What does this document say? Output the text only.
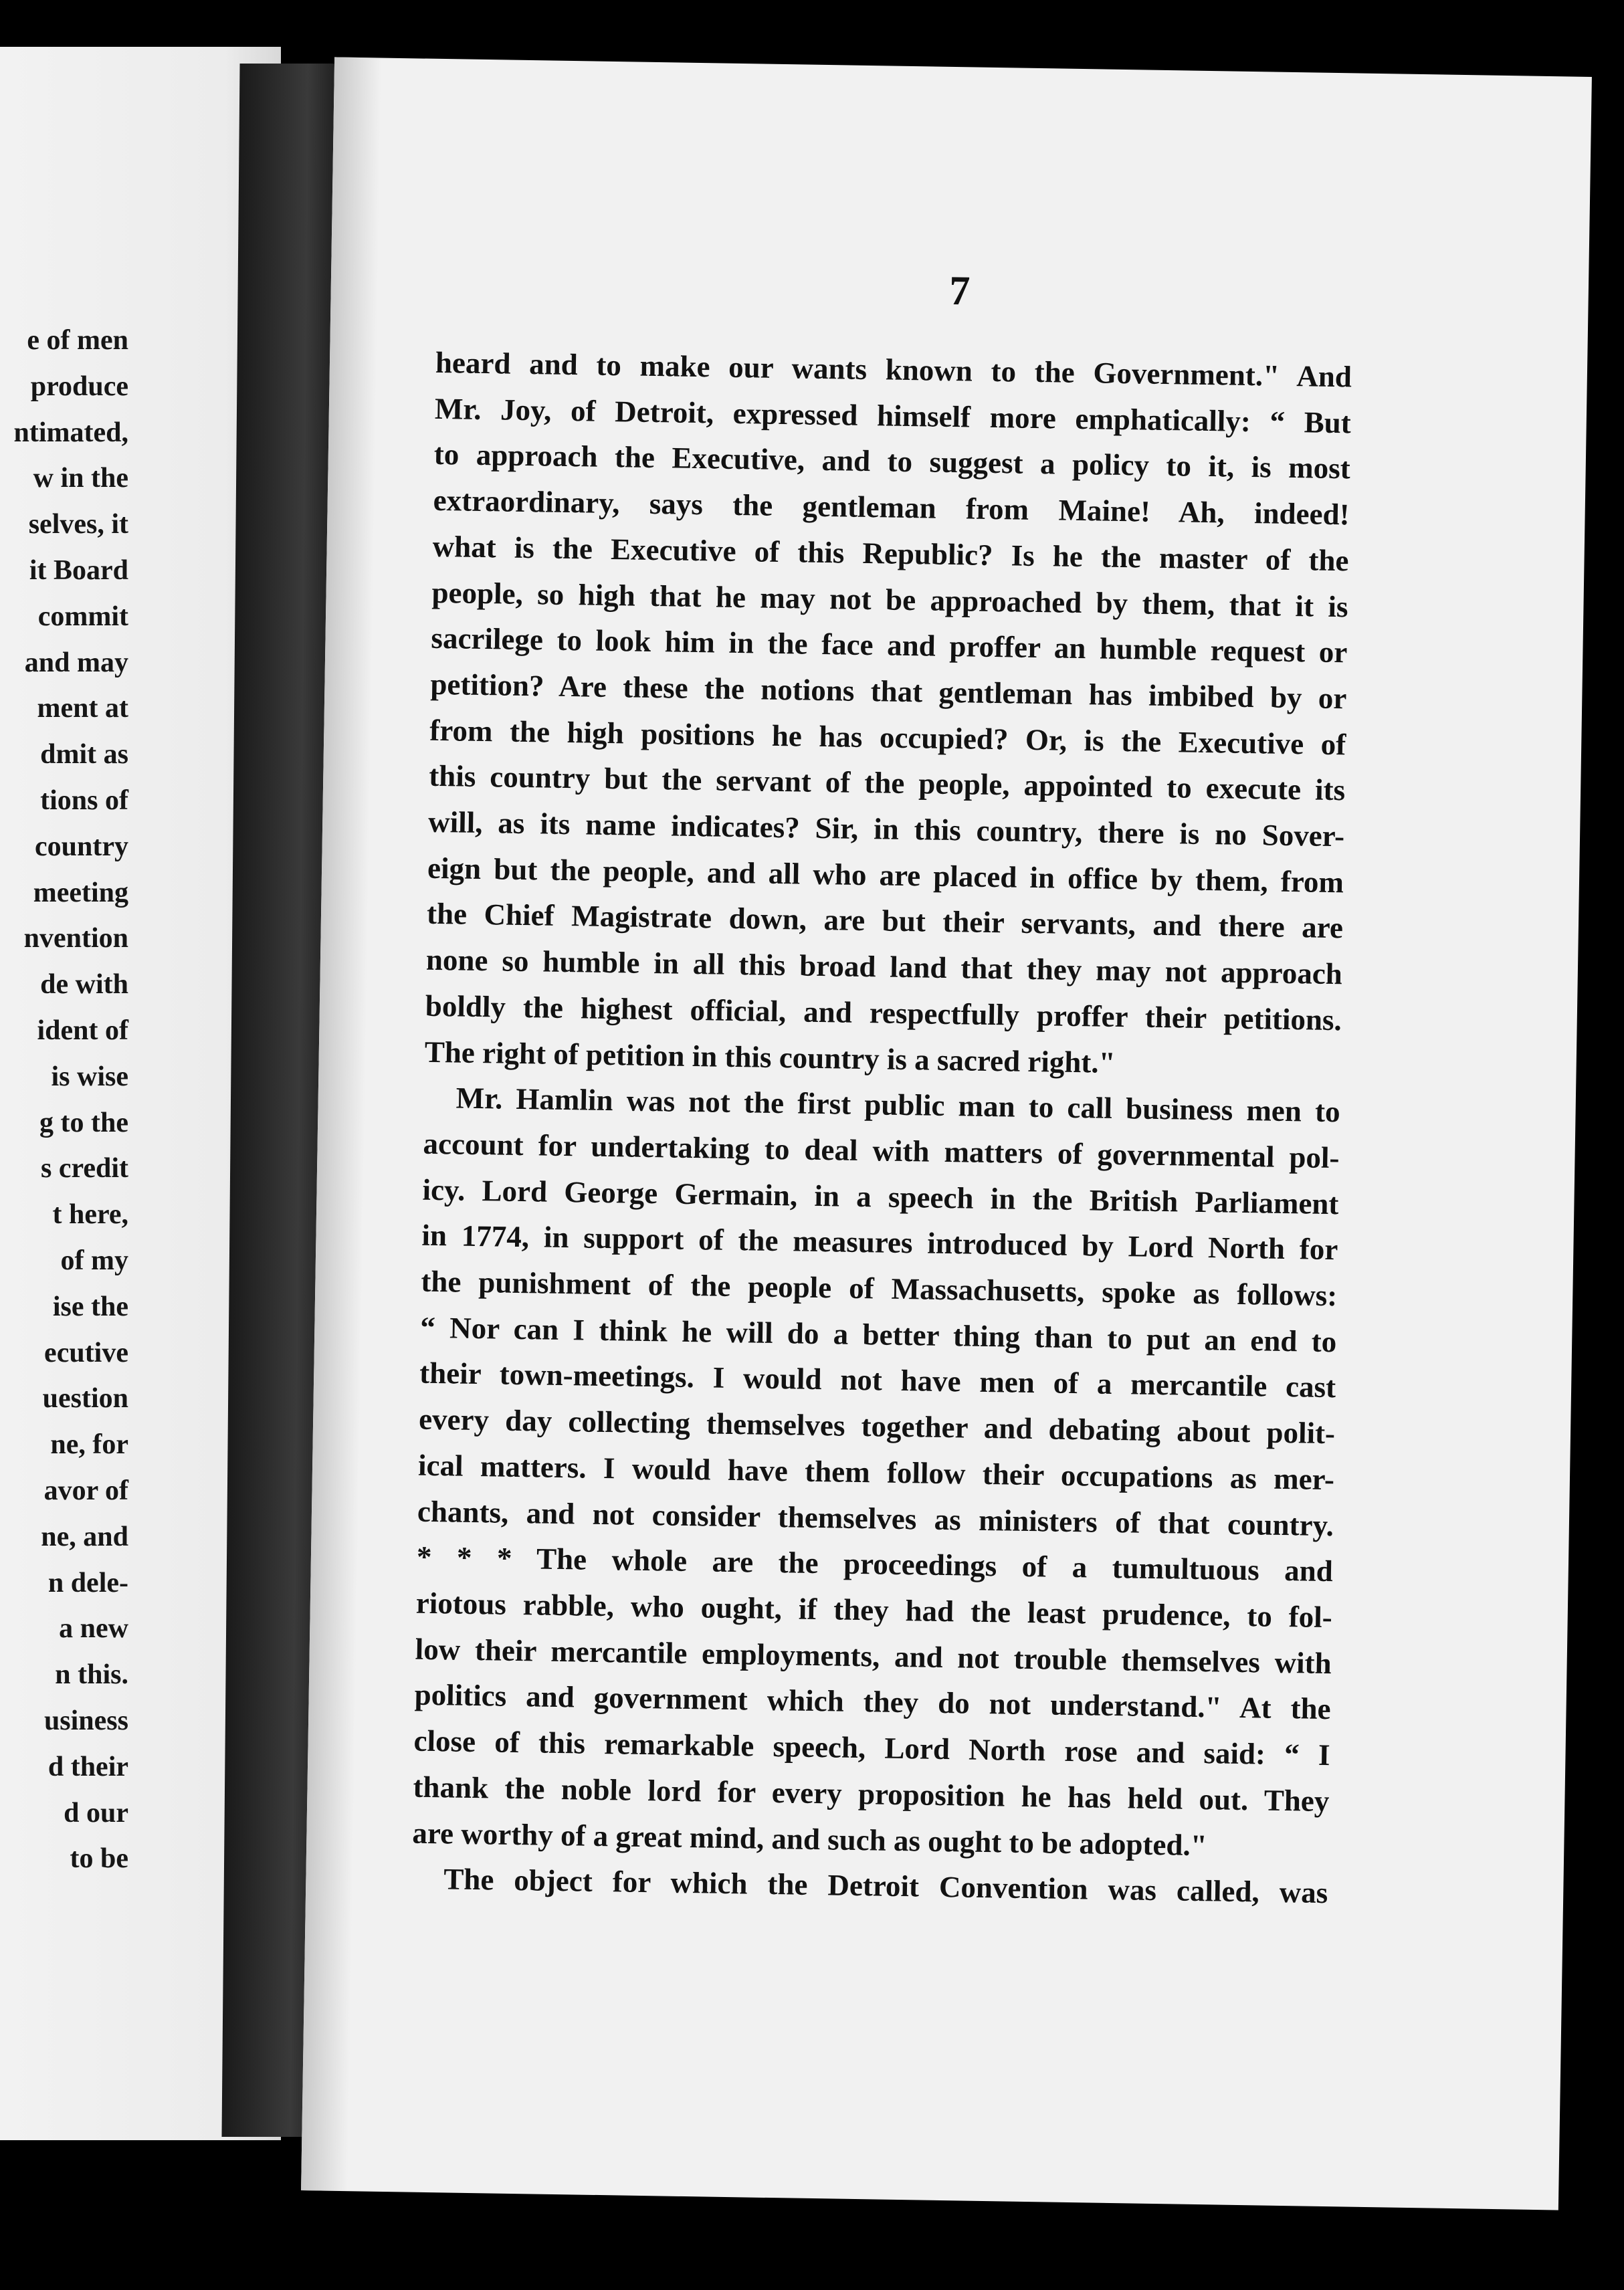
e of men
produce
ntimated,
w in the
selves, it
it Board
commit
and may
ment at
dmit as
tions of
country
meeting
nvention
de with
ident of
is wise
g to the
s credit
t here,
of my
ise the
ecutive
uestion
ne, for
avor of
ne, and
n dele-
a new
n this.
usiness
d their
d our
to be
7
heard and to make our wants known to the Government." And
Mr. Joy, of Detroit, expressed himself more emphatically: “ But
to approach the Executive, and to suggest a policy to it, is most
extraordinary, says the gentleman from Maine! Ah, indeed!
what is the Executive of this Republic? Is he the master of the
people, so high that he may not be approached by them, that it is
sacrilege to look him in the face and proffer an humble request or
petition? Are these the notions that gentleman has imbibed by or
from the high positions he has occupied? Or, is the Executive of
this country but the servant of the people, appointed to execute its
will, as its name indicates? Sir, in this country, there is no Sover-
eign but the people, and all who are placed in office by them, from
the Chief Magistrate down, are but their servants, and there are
none so humble in all this broad land that they may not approach
boldly the highest official, and respectfully proffer their petitions.
The right of petition in this country is a sacred right."
Mr. Hamlin was not the first public man to call business men to
account for undertaking to deal with matters of governmental pol-
icy. Lord George Germain, in a speech in the British Parliament
in 1774, in support of the measures introduced by Lord North for
the punishment of the people of Massachusetts, spoke as follows:
“ Nor can I think he will do a better thing than to put an end to
their town-meetings. I would not have men of a mercantile cast
every day collecting themselves together and debating about polit-
ical matters. I would have them follow their occupations as mer-
chants, and not consider themselves as ministers of that country.
* * * The whole are the proceedings of a tumultuous and
riotous rabble, who ought, if they had the least prudence, to fol-
low their mercantile employments, and not trouble themselves with
politics and government which they do not understand." At the
close of this remarkable speech, Lord North rose and said: “ I
thank the noble lord for every proposition he has held out. They
are worthy of a great mind, and such as ought to be adopted."
The object for which the Detroit Convention was called, was
